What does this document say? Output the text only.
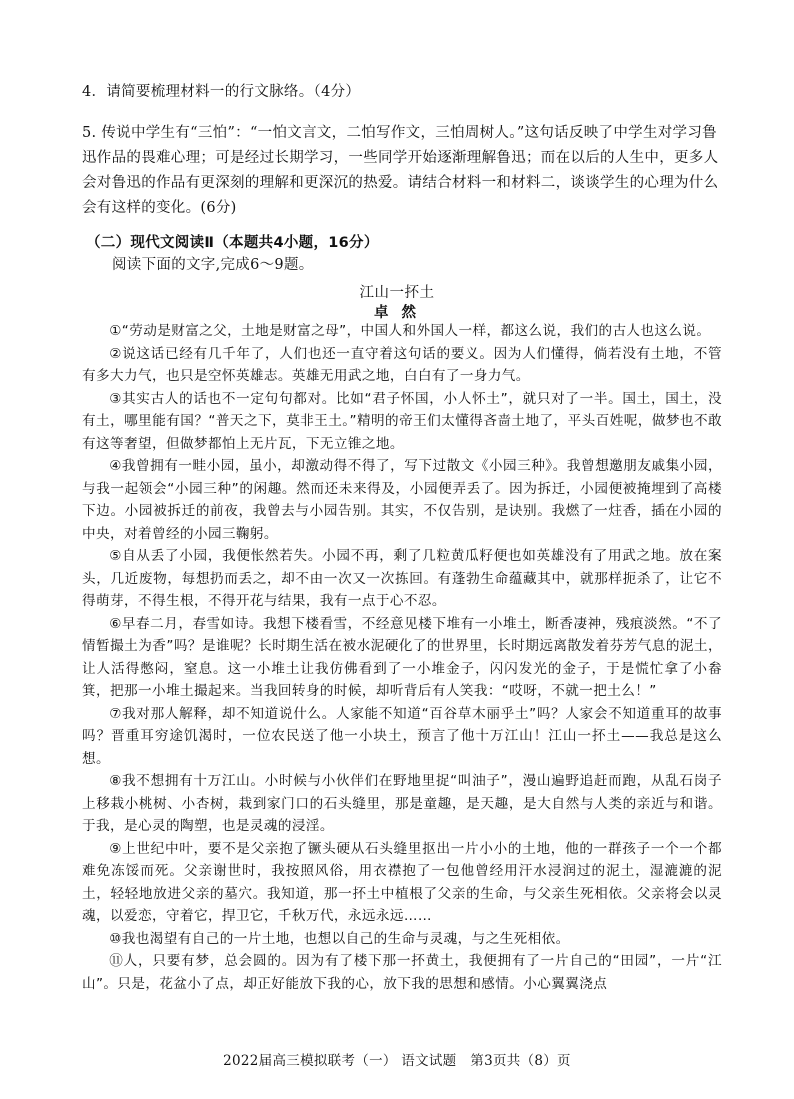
4．请简要梳理材料一的行文脉络。（4分）
5. 传说中学生有“三怕”：“一怕文言文，二怕写作文，三怕周树人。”这句话反映了中学生对学习鲁迅作品的畏难心理；可是经过长期学习，一些同学开始逐渐理解鲁迅；而在以后的人生中，更多人会对鲁迅的作品有更深刻的理解和更深沉的热爱。请结合材料一和材料二，谈谈学生的心理为什么会有这样的变化。(6分)
（二）现代文阅读Ⅱ（本题共4小题，16分）
阅读下面的文字,完成6～9题。
江山一抔土
卓 然

①“劳动是财富之父，土地是财富之母”，中国人和外国人一样，都这么说，我们的古人也这么说。

②说这话已经有几千年了，人们也还一直守着这句话的要义。因为人们懂得，倘若没有土地，不管有多大力气，也只是空怀英雄志。英雄无用武之地，白白有了一身力气。

③其实古人的话也不一定句句都对。比如“君子怀国，小人怀土”，就只对了一半。国土，国土，没有土，哪里能有国？“普天之下，莫非王土。”精明的帝王们太懂得吝啬土地了，平头百姓呢，做梦也不敢有这等奢望，但做梦都怕上无片瓦，下无立锥之地。

④我曾拥有一畦小园，虽小，却激动得不得了，写下过散文《小园三种》。我曾想邀朋友戚集小园，与我一起领会“小园三种”的闲趣。然而还未来得及，小园便弄丢了。因为拆迁，小园便被掩埋到了高楼下边。小园被拆迁的前夜，我曾去与小园告别。其实，不仅告别，是诀别。我燃了一炷香，插在小园的中央，对着曾经的小园三鞠躬。

⑤自从丢了小园，我便怅然若失。小园不再，剩了几粒黄瓜籽便也如英雄没有了用武之地。放在案头，几近废物，每想扔而丢之，却不由一次又一次拣回。有蓬勃生命蕴藏其中，就那样扼杀了，让它不得萌芽，不得生根，不得开花与结果，我有一点于心不忍。

⑥早春二月，春雪如诗。我想下楼看雪，不经意见楼下堆有一小堆土，断香凄神，残痕淡然。“不了情暂撮土为香”吗？是谁呢？长时期生活在被水泥硬化了的世界里，长时期远离散发着芬芳气息的泥土，让人活得憋闷，窒息。这一小堆土让我仿佛看到了一小堆金子，闪闪发光的金子，于是慌忙拿了小畚箕，把那一小堆土撮起来。当我回转身的时候，却听背后有人笑我：“哎呀，不就一把土么！”

⑦我对那人解释，却不知道说什么。人家能不知道“百谷草木丽乎土”吗？人家会不知道重耳的故事吗？晋重耳穷途饥渴时，一位农民送了他一小块土，预言了他十万江山！江山一抔土——我总是这么想。

⑧我不想拥有十万江山。小时候与小伙伴们在野地里捉“叫油子”，漫山遍野追赶而跑，从乱石岗子上移栽小桃树、小杏树，栽到家门口的石头缝里，那是童趣，是天趣，是大自然与人类的亲近与和谐。于我，是心灵的陶塑，也是灵魂的浸淫。

⑨上世纪中叶，要不是父亲抱了镢头硬从石头缝里抠出一片小小的土地，他的一群孩子一个一个都难免冻馁而死。父亲谢世时，我按照风俗，用衣襟抱了一包他曾经用汗水浸润过的泥土，湿漉漉的泥土，轻轻地放进父亲的墓穴。我知道，那一抔土中植根了父亲的生命，与父亲生死相依。父亲将会以灵魂，以爱恋，守着它，捍卫它，千秋万代，永远永远……

⑩我也渴望有自己的一片土地，也想以自己的生命与灵魂，与之生死相依。

⑪人，只要有梦，总会圆的。因为有了楼下那一抔黄土，我便拥有了一片自己的“田园”，一片“江山”。只是，花盆小了点，却正好能放下我的心，放下我的思想和感情。小心翼翼浇点

2022届高三模拟联考（一） 语文试题　第3页共（8）页
